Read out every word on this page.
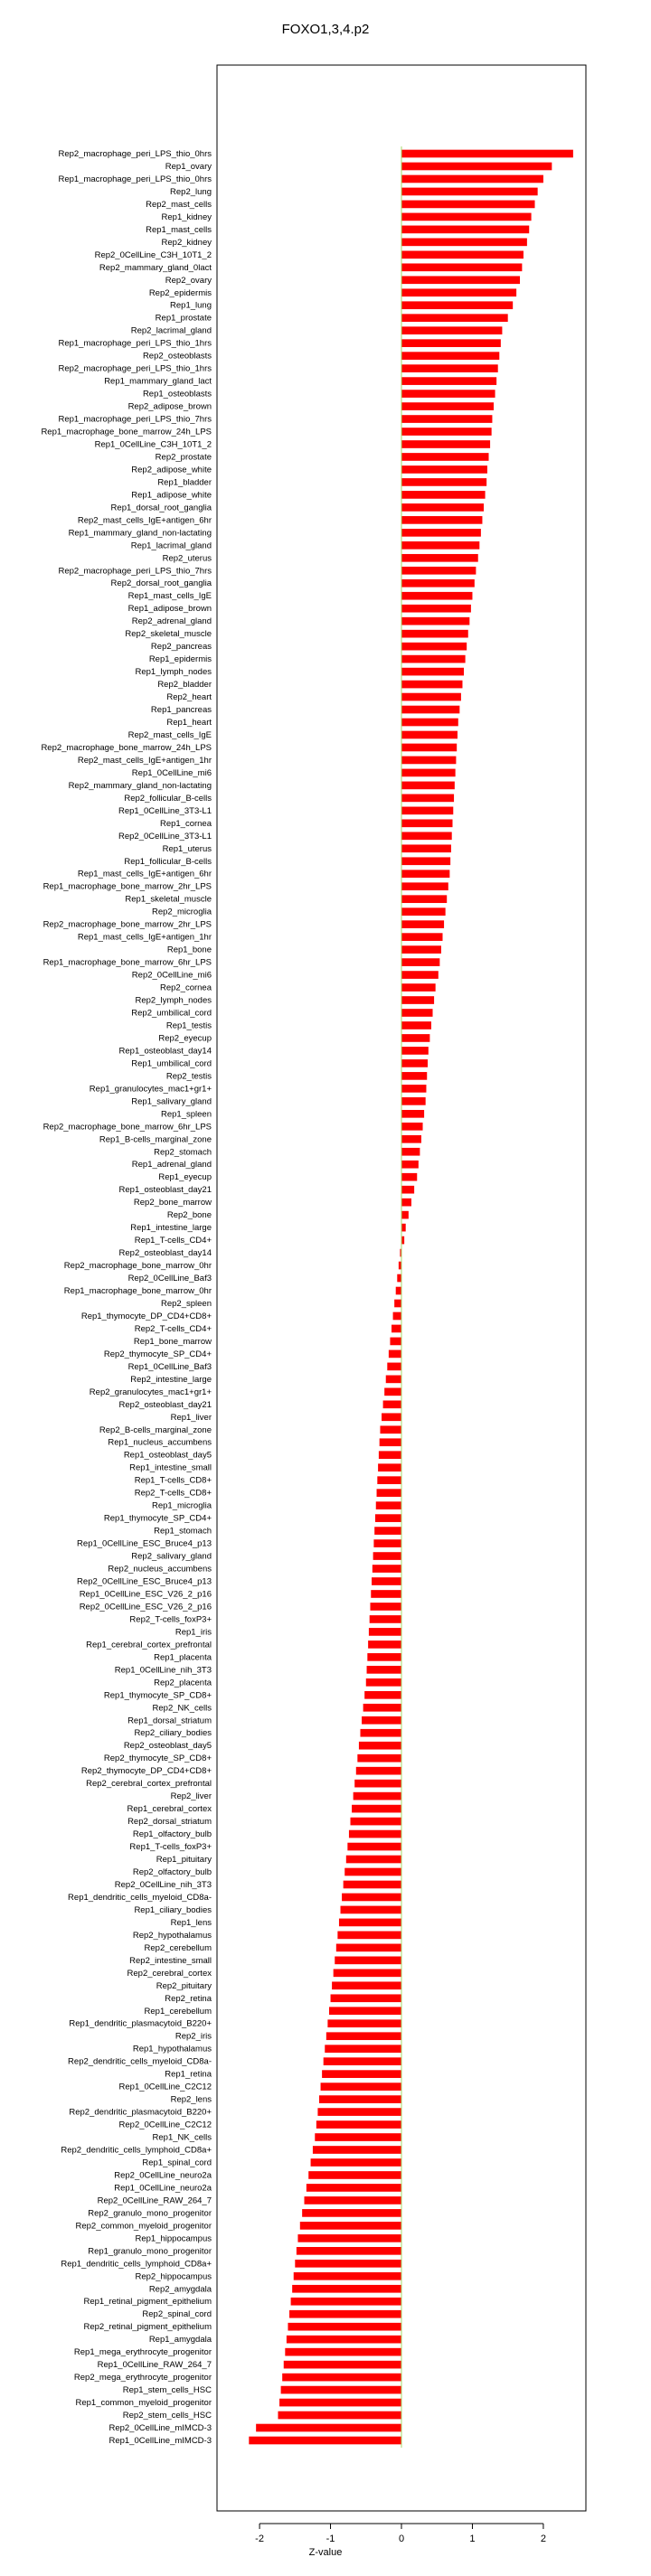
FOXO1,3,4.p2
Rep2_macrophage_peri_LPS_thio_0hrs
Rep1_ovary
Rep1_macrophage_peri_LPS_thio_0hrs
Rep2_lung
Rep2_mast_cells
Rep1_kidney
Rep1_mast_cells
Rep2_kidney
Rep2_0CellLine_C3H_10T1_2
Rep2_mammary_gland_0lact
Rep2_ovary
Rep2_epidermis
Rep1_lung
Rep1_prostate
Rep2_lacrimal_gland
Rep1_macrophage_peri_LPS_thio_1hrs
Rep2_osteoblasts
Rep2_macrophage_peri_LPS_thio_1hrs
Rep1_mammary_gland_lact
Rep1_osteoblasts
Rep2_adipose_brown
Rep1_macrophage_peri_LPS_thio_7hrs
Rep1_macrophage_bone_marrow_24h_LPS
Rep1_0CellLine_C3H_10T1_2
Rep2_prostate
Rep2_adipose_white
Rep1_bladder
Rep1_adipose_white
Rep1_dorsal_root_ganglia
Rep2_mast_cells_IgE+antigen_6hr
Rep1_mammary_gland_non-lactating
Rep1_lacrimal_gland
Rep2_uterus
Rep2_macrophage_peri_LPS_thio_7hrs
Rep2_dorsal_root_ganglia
Rep1_mast_cells_IgE
Rep1_adipose_brown
Rep2_adrenal_gland
Rep2_skeletal_muscle
Rep2_pancreas
Rep1_epidermis
Rep1_lymph_nodes
Rep2_bladder
Rep2_heart
Rep1_pancreas
Rep1_heart
Rep2_mast_cells_IgE
Rep2_macrophage_bone_marrow_24h_LPS
Rep2_mast_cells_IgE+antigen_1hr
Rep1_0CellLine_mi6
Rep2_mammary_gland_non-lactating
Rep2_follicular_B-cells
Rep1_0CellLine_3T3-L1
Rep1_cornea
Rep2_0CellLine_3T3-L1
Rep1_uterus
Rep1_follicular_B-cells
Rep1_mast_cells_IgE+antigen_6hr
Rep1_macrophage_bone_marrow_2hr_LPS
Rep1_skeletal_muscle
Rep2_microglia
Rep2_macrophage_bone_marrow_2hr_LPS
Rep1_mast_cells_IgE+antigen_1hr
Rep1_bone
Rep1_macrophage_bone_marrow_6hr_LPS
Rep2_0CellLine_mi6
Rep2_cornea
Rep2_lymph_nodes
Rep2_umbilical_cord
Rep1_testis
Rep2_eyecup
Rep1_osteoblast_day14
Rep1_umbilical_cord
Rep2_testis
Rep1_granulocytes_mac1+gr1+
Rep1_salivary_gland
Rep1_spleen
Rep2_macrophage_bone_marrow_6hr_LPS
Rep1_B-cells_marginal_zone
Rep2_stomach
Rep1_adrenal_gland
Rep1_eyecup
Rep1_osteoblast_day21
Rep2_bone_marrow
Rep2_bone
Rep1_intestine_large
Rep1_T-cells_CD4+
Rep2_osteoblast_day14
Rep2_macrophage_bone_marrow_0hr
Rep2_0CellLine_Baf3
Rep1_macrophage_bone_marrow_0hr
Rep2_spleen
Rep1_thymocyte_DP_CD4+CD8+
Rep2_T-cells_CD4+
Rep1_bone_marrow
Rep2_thymocyte_SP_CD4+
Rep1_0CellLine_Baf3
Rep2_intestine_large
Rep2_granulocytes_mac1+gr1+
Rep2_osteoblast_day21
Rep1_liver
Rep2_B-cells_marginal_zone
Rep1_nucleus_accumbens
Rep1_osteoblast_day5
Rep1_intestine_small
Rep1_T-cells_CD8+
Rep2_T-cells_CD8+
Rep1_microglia
Rep1_thymocyte_SP_CD4+
Rep1_stomach
Rep1_0CellLine_ESC_Bruce4_p13
Rep2_salivary_gland
Rep2_nucleus_accumbens
Rep2_0CellLine_ESC_Bruce4_p13
Rep1_0CellLine_ESC_V26_2_p16
Rep2_0CellLine_ESC_V26_2_p16
Rep2_T-cells_foxP3+
Rep1_iris
Rep1_cerebral_cortex_prefrontal
Rep1_placenta
Rep1_0CellLine_nih_3T3
Rep2_placenta
Rep1_thymocyte_SP_CD8+
Rep2_NK_cells
Rep1_dorsal_striatum
Rep2_ciliary_bodies
Rep2_osteoblast_day5
Rep2_thymocyte_SP_CD8+
Rep2_thymocyte_DP_CD4+CD8+
Rep2_cerebral_cortex_prefrontal
Rep2_liver
Rep1_cerebral_cortex
Rep2_dorsal_striatum
Rep1_olfactory_bulb
Rep1_T-cells_foxP3+
Rep1_pituitary
Rep2_olfactory_bulb
Rep2_0CellLine_nih_3T3
Rep1_dendritic_cells_myeloid_CD8a-
Rep1_ciliary_bodies
Rep1_lens
Rep2_hypothalamus
Rep2_cerebellum
Rep2_intestine_small
Rep2_cerebral_cortex
Rep2_pituitary
Rep2_retina
Rep1_cerebellum
Rep1_dendritic_plasmacytoid_B220+
Rep2_iris
Rep1_hypothalamus
Rep2_dendritic_cells_myeloid_CD8a-
Rep1_retina
Rep1_0CellLine_C2C12
Rep2_lens
Rep2_dendritic_plasmacytoid_B220+
Rep2_0CellLine_C2C12
Rep1_NK_cells
Rep2_dendritic_cells_lymphoid_CD8a+
Rep1_spinal_cord
Rep2_0CellLine_neuro2a
Rep1_0CellLine_neuro2a
Rep2_0CellLine_RAW_264_7
Rep2_granulo_mono_progenitor
Rep2_common_myeloid_progenitor
Rep1_hippocampus
Rep1_granulo_mono_progenitor
Rep1_dendritic_cells_lymphoid_CD8a+
Rep2_hippocampus
Rep2_amygdala
Rep1_retinal_pigment_epithelium
Rep2_spinal_cord
Rep2_retinal_pigment_epithelium
Rep1_amygdala
Rep1_mega_erythrocyte_progenitor
Rep1_0CellLine_RAW_264_7
Rep2_mega_erythrocyte_progenitor
Rep1_stem_cells_HSC
Rep1_common_myeloid_progenitor
Rep2_stem_cells_HSC
Rep2_0CellLine_mIMCD-3
Rep1_0CellLine_mIMCD-3
-2	-1	0	1	2
Z-value
